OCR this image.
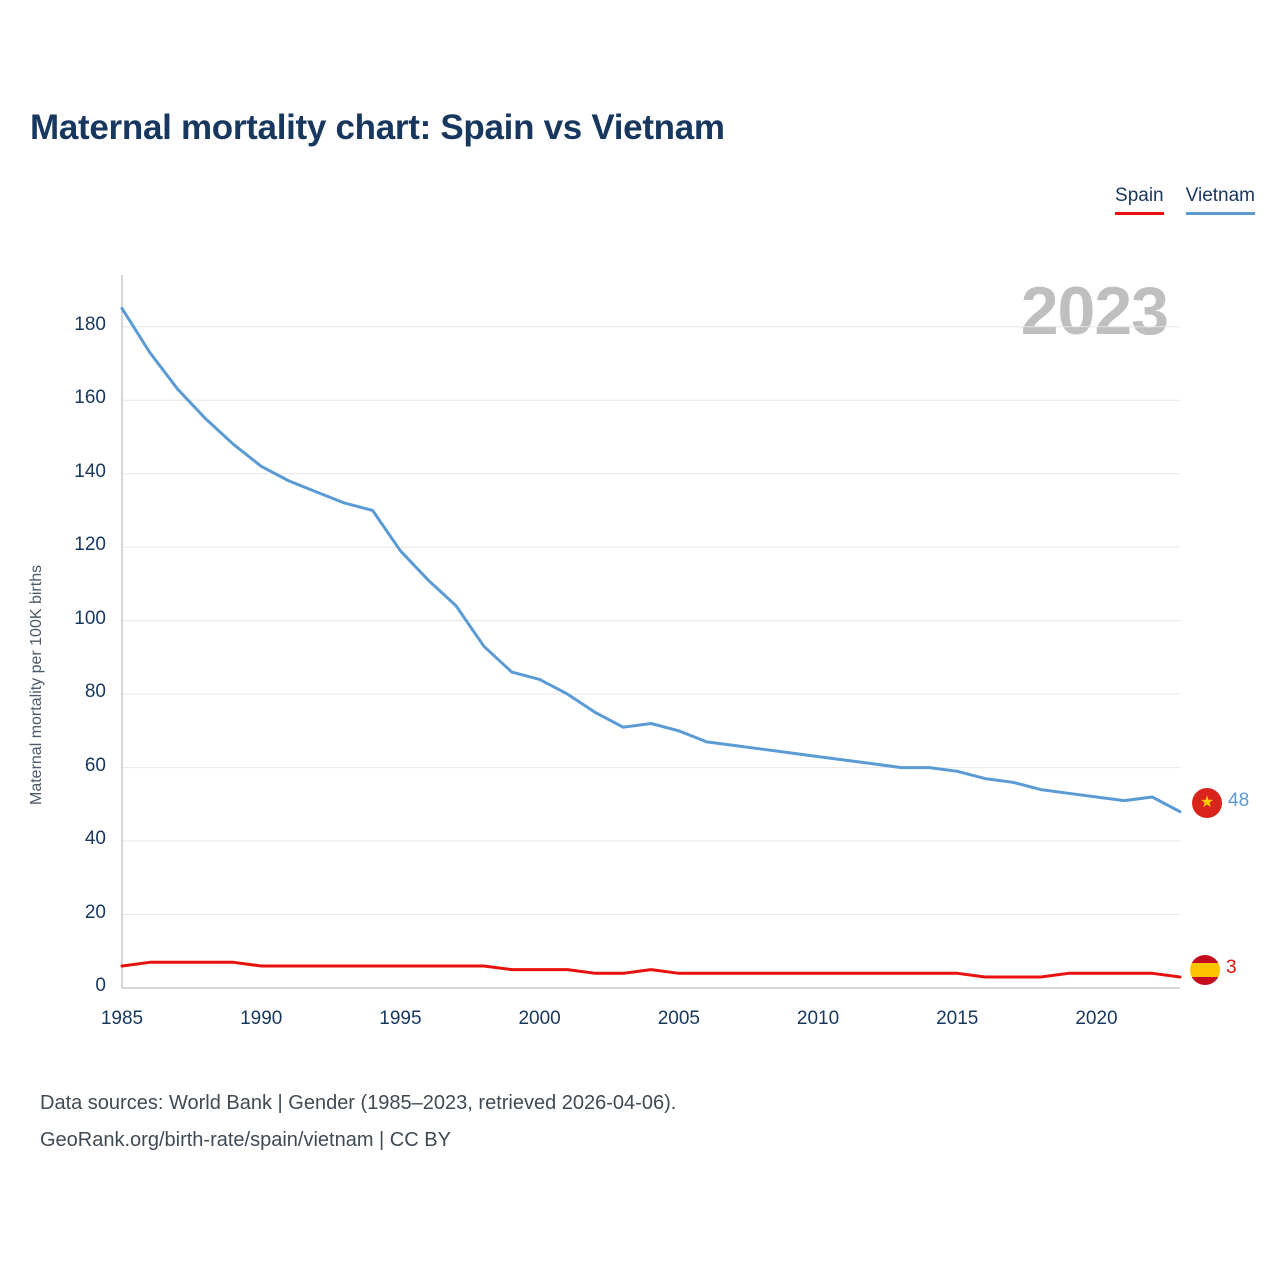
Maternal mortality chart: Spain vs Vietnam
Spain Vietnam
2023
Maternal mortality per 100K births
0
20
40
60
80
100
120
140
160
180
1985	1990	1995	2000	2005	2010	2015	2020
★ 48
3
Data sources: World Bank | Gender (1985–2023, retrieved 2026-04-06).
GeoRank.org/birth-rate/spain/vietnam | CC BY
